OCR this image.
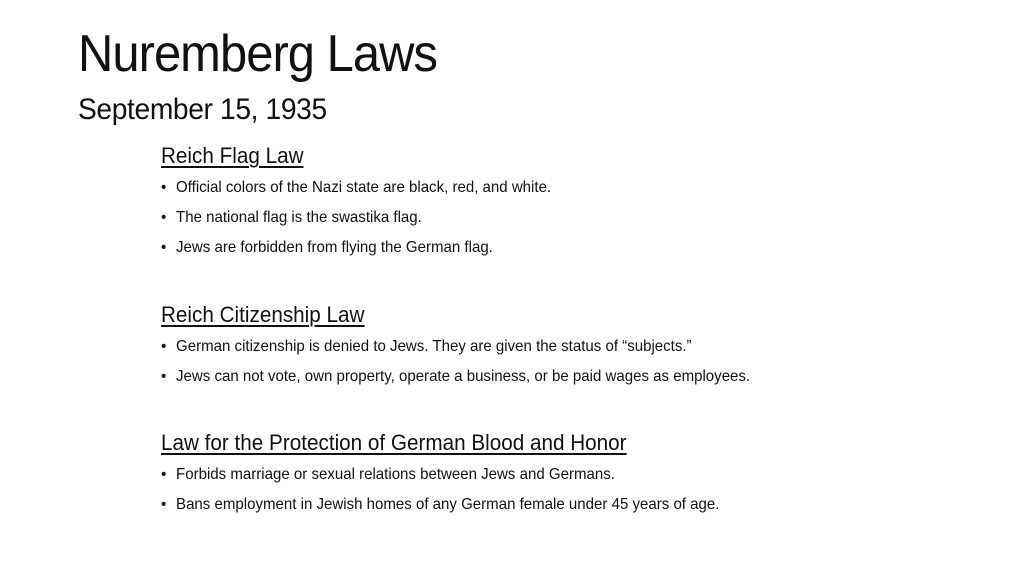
Nuremberg Laws
September 15, 1935
Reich Flag Law
• Official colors of the Nazi state are black, red, and white.
• The national flag is the swastika flag.
• Jews are forbidden from flying the German flag.
Reich Citizenship Law
• German citizenship is denied to Jews. They are given the status of “subjects.”
• Jews can not vote, own property, operate a business, or be paid wages as employees.
Law for the Protection of German Blood and Honor
• Forbids marriage or sexual relations between Jews and Germans.
• Bans employment in Jewish homes of any German female under 45 years of age.
